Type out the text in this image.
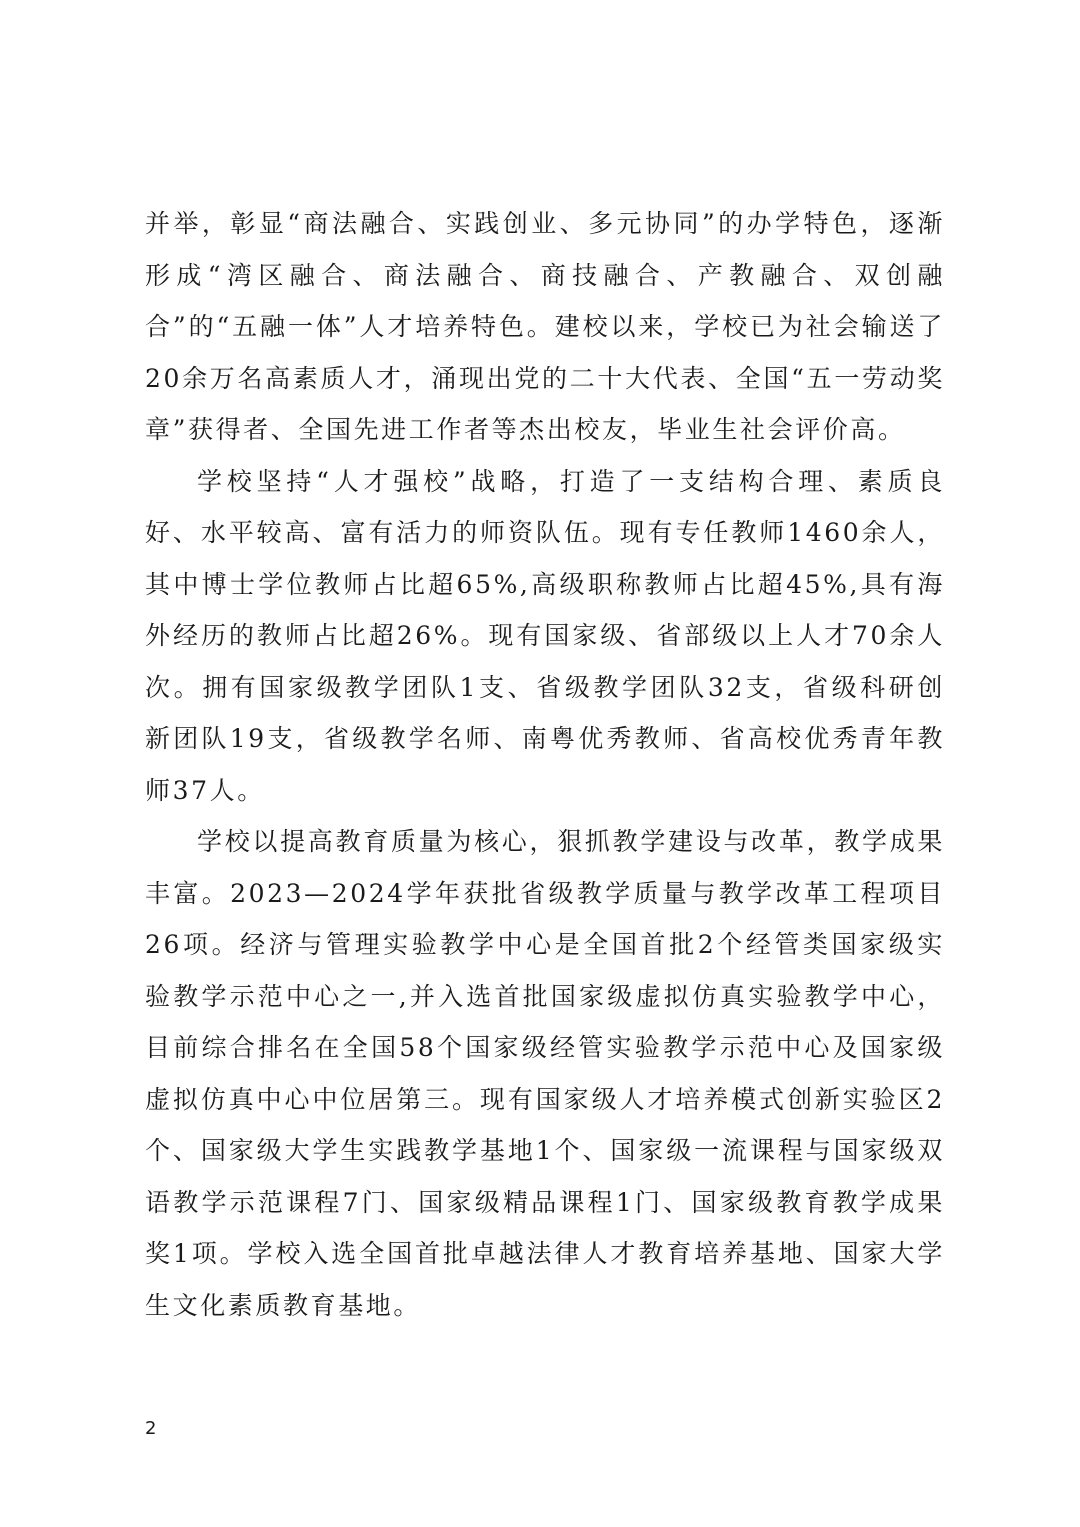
并举，彰显“商法融合、实践创业、多元协同”的办学特色，逐渐形成“湾区融合、商法融合、商技融合、产教融合、双创融合”的“五融一体”人才培养特色。建校以来，学校已为社会输送了20余万名高素质人才，涌现出党的二十大代表、全国“五一劳动奖章”获得者、全国先进工作者等杰出校友，毕业生社会评价高。

学校坚持“人才强校”战略，打造了一支结构合理、素质良好、水平较高、富有活力的师资队伍。现有专任教师1460余人，其中博士学位教师占比超65%,高级职称教师占比超45%,具有海外经历的教师占比超26%。现有国家级、省部级以上人才70余人次。拥有国家级教学团队1支、省级教学团队32支，省级科研创新团队19支，省级教学名师、南粤优秀教师、省高校优秀青年教师37人。

学校以提高教育质量为核心，狠抓教学建设与改革，教学成果丰富。2023—2024学年获批省级教学质量与教学改革工程项目26项。经济与管理实验教学中心是全国首批2个经管类国家级实验教学示范中心之一,并入选首批国家级虚拟仿真实验教学中心，目前综合排名在全国58个国家级经管实验教学示范中心及国家级虚拟仿真中心中位居第三。现有国家级人才培养模式创新实验区2个、国家级大学生实践教学基地1个、国家级一流课程与国家级双语教学示范课程7门、国家级精品课程1门、国家级教育教学成果奖1项。学校入选全国首批卓越法律人才教育培养基地、国家大学生文化素质教育基地。

2
